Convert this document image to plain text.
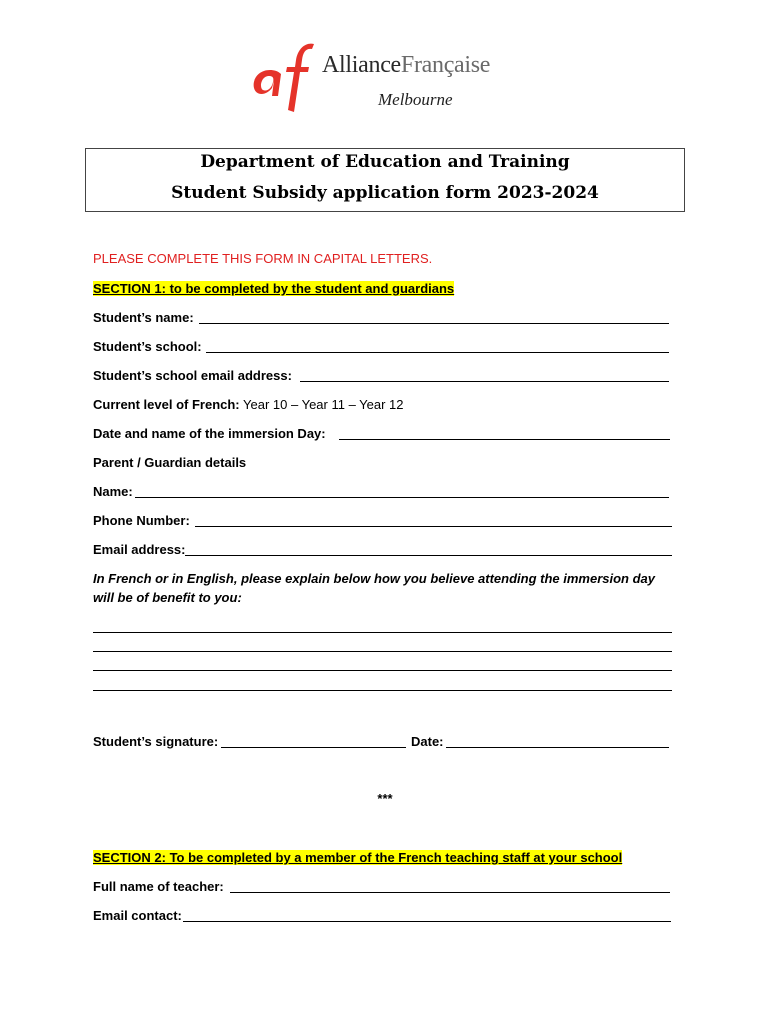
AllianceFrançaise
Melbourne
Department of Education and Training
Student Subsidy application form 2023-2024
PLEASE COMPLETE THIS FORM IN CAPITAL LETTERS.
SECTION 1: to be completed by the student and guardians
Student’s name:
Student’s school:
Student’s school email address:
Current level of French: Year 10 – Year 11 – Year 12
Date and name of the immersion Day:
Parent / Guardian details
Name:
Phone Number:
Email address:
In French or in English, please explain below how you believe attending the immersion day
will be of benefit to you:
Student’s signature:	Date:
***
SECTION 2: To be completed by a member of the French teaching staff at your school
Full name of teacher:
Email contact:
